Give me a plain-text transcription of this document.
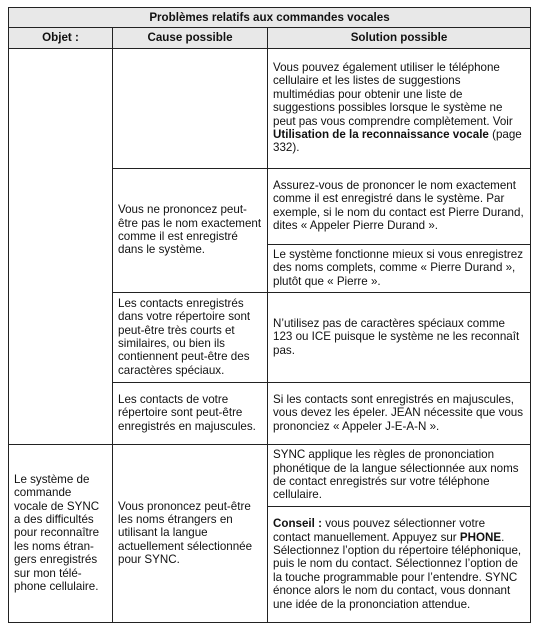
Problèmes relatifs aux commandes vocales		
Objet :	Cause possible	Solution possible
		Vous pouvez également utiliser le téléphone cellulaire et les listes de suggestions multimédias pour obtenir une liste de suggestions possibles lorsque le système ne peut pas vous comprendre complètement. Voir Utilisation de la reconnaissance vocale (page 332).
	Vous ne prononcez peut-être pas le nom exactement comme il est enregistré dans le système.	Assurez-vous de prononcer le nom exactement comme il est enregistré dans le système. Par exemple, si le nom du contact est Pierre Durand, dites « Appeler Pierre Durand ».
		Le système fonctionne mieux si vous enregistrez des noms complets, comme « Pierre Durand », plutôt que « Pierre ».
	Les contacts enregistrés dans votre répertoire sont peut-être très courts et similaires, ou bien ils contiennent peut-être des caractères spéciaux.	N’utilisez pas de caractères spéciaux comme 123 ou ICE puisque le système ne les reconnaît pas.
	Les contacts de votre répertoire sont peut-être enregistrés en majuscules.	Si les contacts sont enregistrés en majuscules, vous devez les épeler. JEAN nécessite que vous prononciez « Appeler J-E-A-N ».

Le système de commande vocale de SYNC a des difficultés pour reconnaître les noms étrangers enregistrés sur mon téléphone cellulaire.	Vous prononcez peut-être les noms étrangers en utilisant la langue actuellement sélectionnée pour SYNC.	SYNC applique les règles de prononciation phonétique de la langue sélectionnée aux noms de contact enregistrés sur votre téléphone cellulaire.
		Conseil : vous pouvez sélectionner votre contact manuellement. Appuyez sur PHONE. Sélectionnez l’option du répertoire téléphonique, puis le nom du contact. Sélectionnez l’option de la touche programmable pour l’entendre. SYNC énonce alors le nom du contact, vous donnant une idée de la prononciation attendue.
